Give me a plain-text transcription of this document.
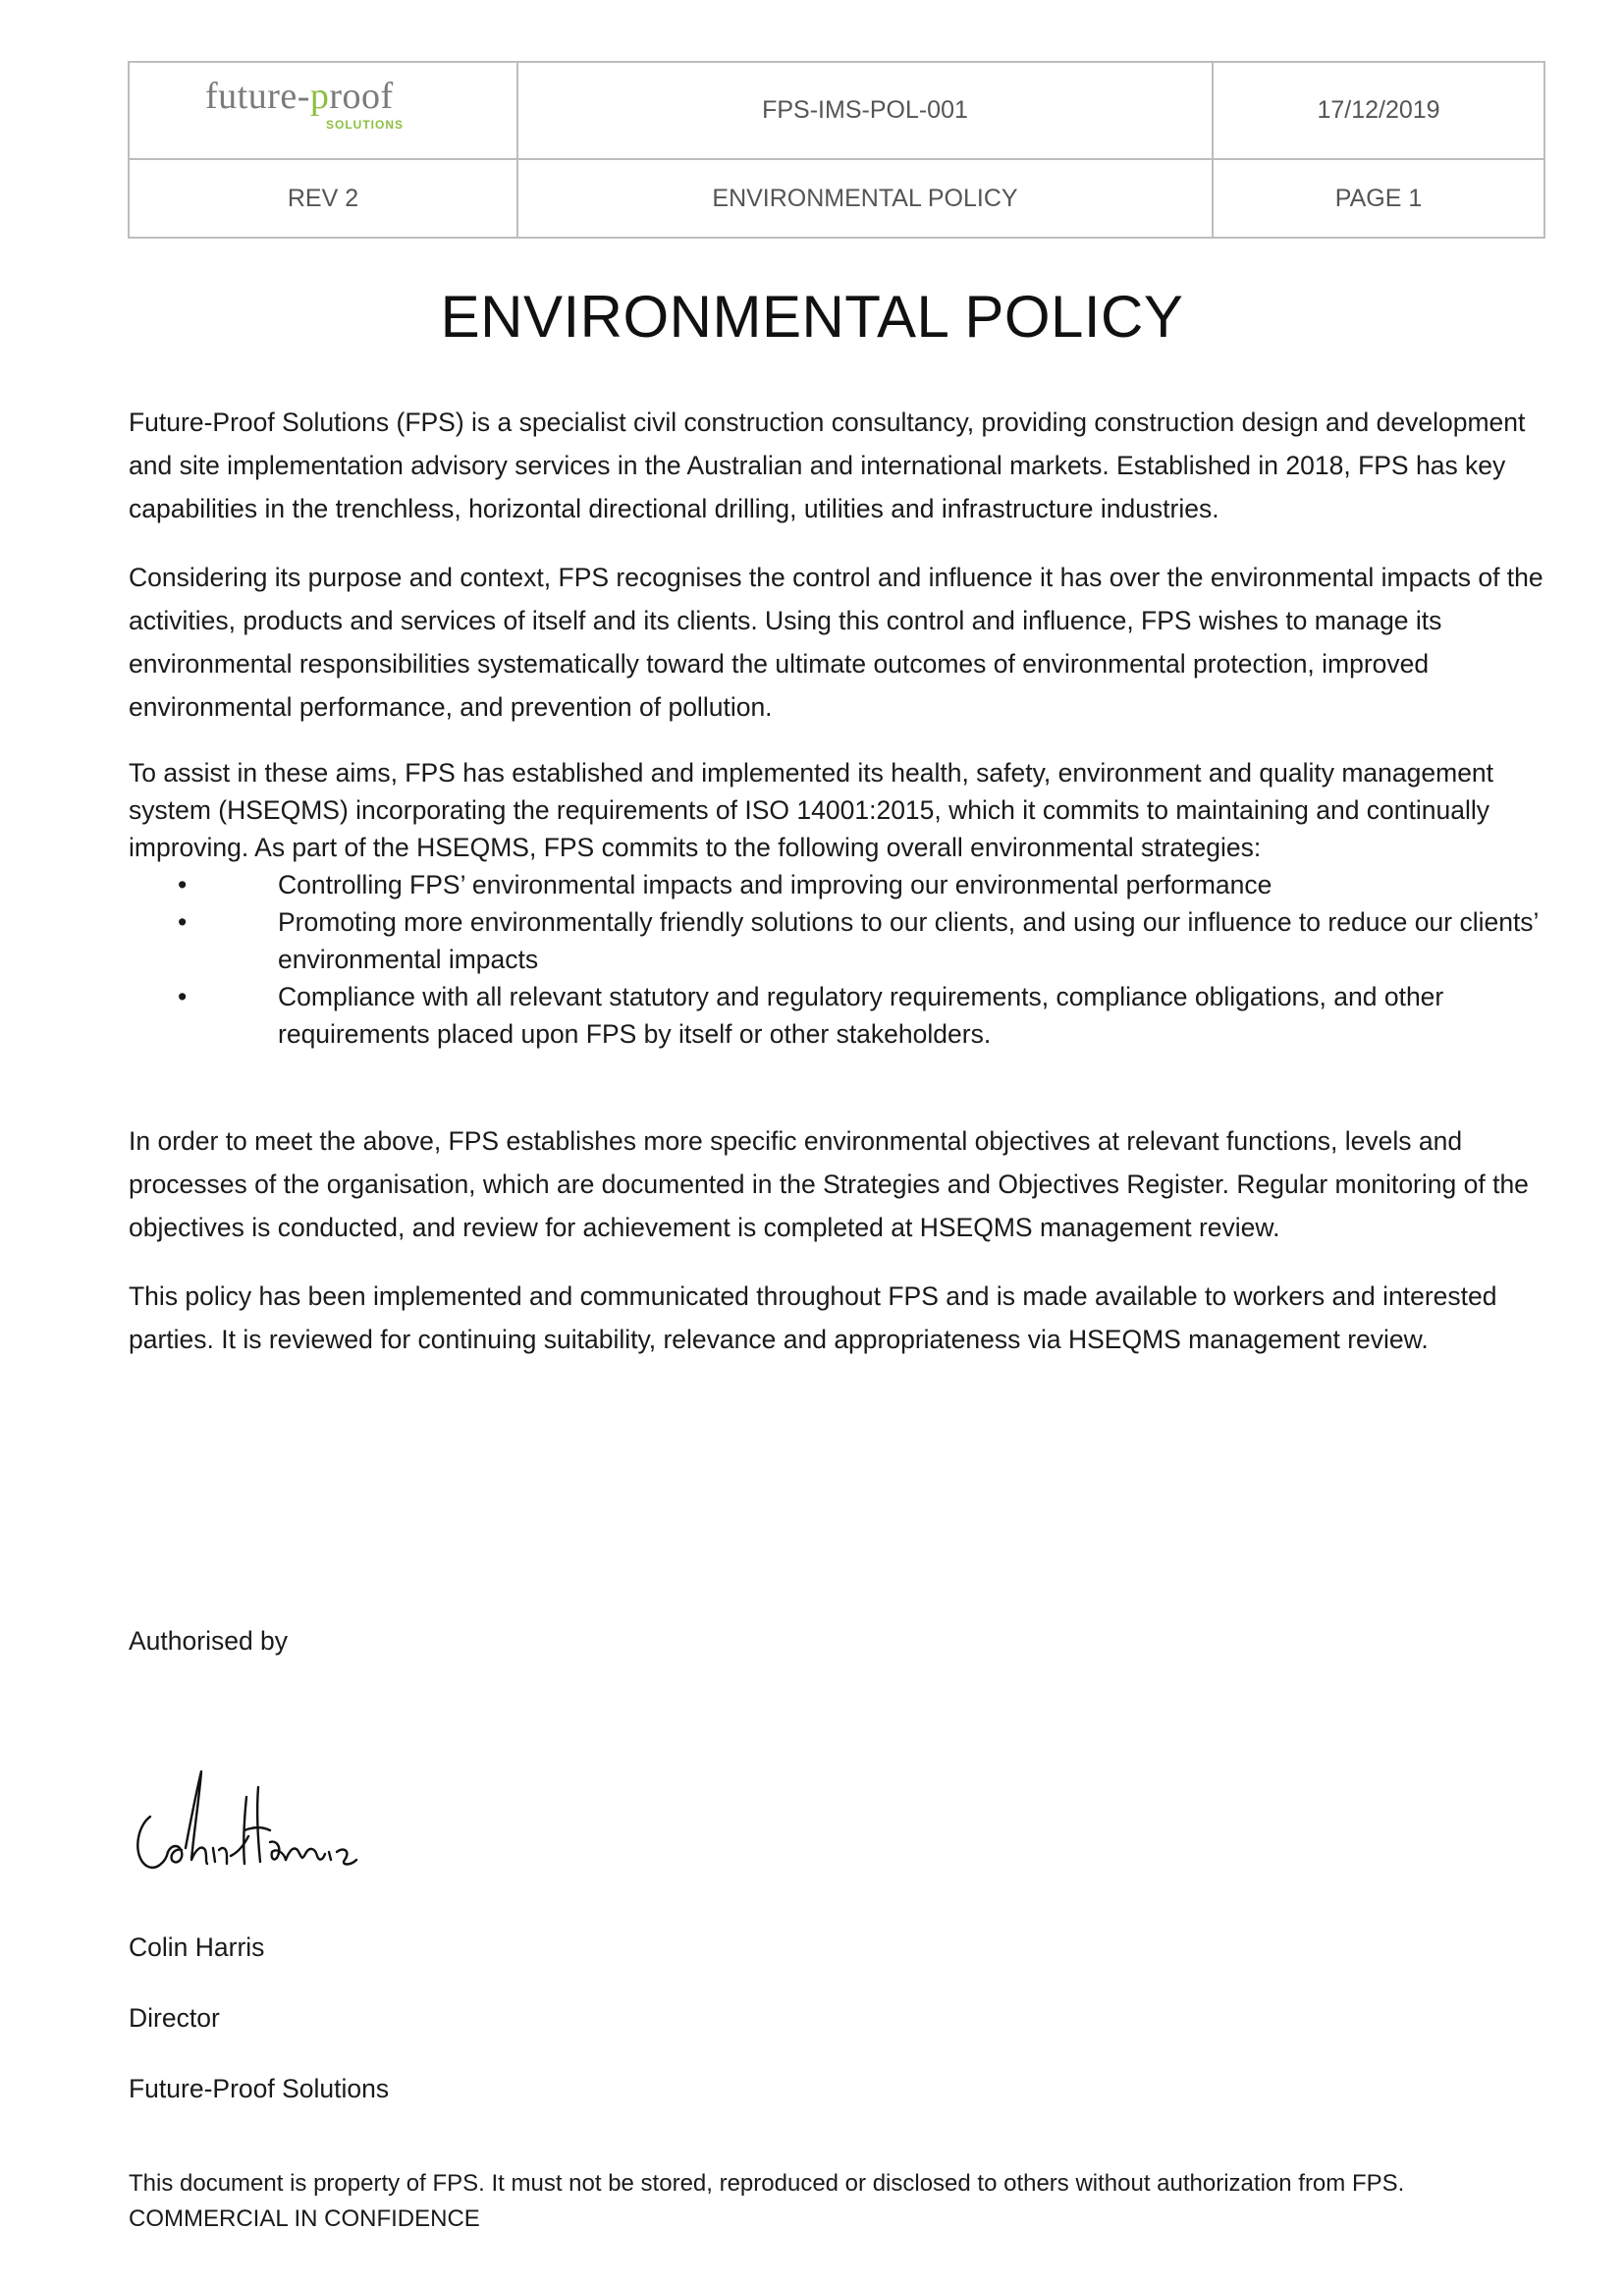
future-proof
SOLUTIONS	FPS-IMS-POL-001	17/12/2019
REV 2	ENVIRONMENTAL POLICY	PAGE 1
ENVIRONMENTAL POLICY

Future-Proof Solutions (FPS) is a specialist civil construction consultancy, providing construction design and development and site implementation advisory services in the Australian and international markets. Established in 2018, FPS has key capabilities in the trenchless, horizontal directional drilling, utilities and infrastructure industries.

Considering its purpose and context, FPS recognises the control and influence it has over the environmental impacts of the activities, products and services of itself and its clients. Using this control and influence, FPS wishes to manage its environmental responsibilities systematically toward the ultimate outcomes of environmental protection, improved environmental performance, and prevention of pollution.

To assist in these aims, FPS has established and implemented its health, safety, environment and quality management system (HSEQMS) incorporating the requirements of ISO 14001:2015, which it commits to maintaining and continually improving. As part of the HSEQMS, FPS commits to the following overall environmental strategies:

•	Controlling FPS’ environmental impacts and improving our environmental performance
•	Promoting more environmentally friendly solutions to our clients, and using our influence to reduce our clients’ environmental impacts
•	Compliance with all relevant statutory and regulatory requirements, compliance obligations, and other requirements placed upon FPS by itself or other stakeholders.

In order to meet the above, FPS establishes more specific environmental objectives at relevant functions, levels and processes of the organisation, which are documented in the Strategies and Objectives Register. Regular monitoring of the objectives is conducted, and review for achievement is completed at HSEQMS management review.

This policy has been implemented and communicated throughout FPS and is made available to workers and interested parties. It is reviewed for continuing suitability, relevance and appropriateness via HSEQMS management review.

Authorised by
Colin Harris
Director
Future-Proof Solutions
This document is property of FPS. It must not be stored, reproduced or disclosed to others without authorization from FPS.
COMMERCIAL IN CONFIDENCE
